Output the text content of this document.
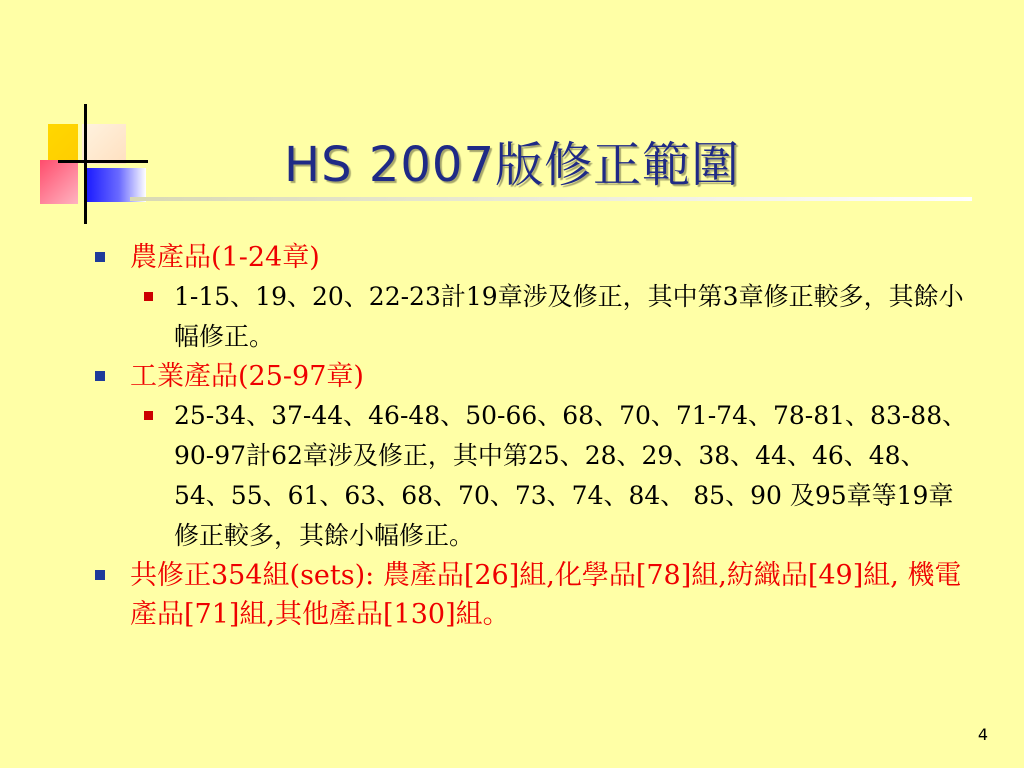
HS 2007版修正範圍
農產品(1-24章)
1-15、19、20、22-23計19章涉及修正，其中第3章修正較多，其餘小幅修正。
工業產品(25-97章)
25-34、37-44、46-48、50-66、68、70、71-74、78-81、83-88、90-97計62章涉及修正，其中第25、28、29、38、44、46、48、54、55、61、63、68、70、73、74、84、 85、90 及95章等19章修正較多，其餘小幅修正。
共修正354組(sets): 農產品[26]組,化學品[78]組,紡織品[49]組, 機電產品[71]組,其他產品[130]組。
4
